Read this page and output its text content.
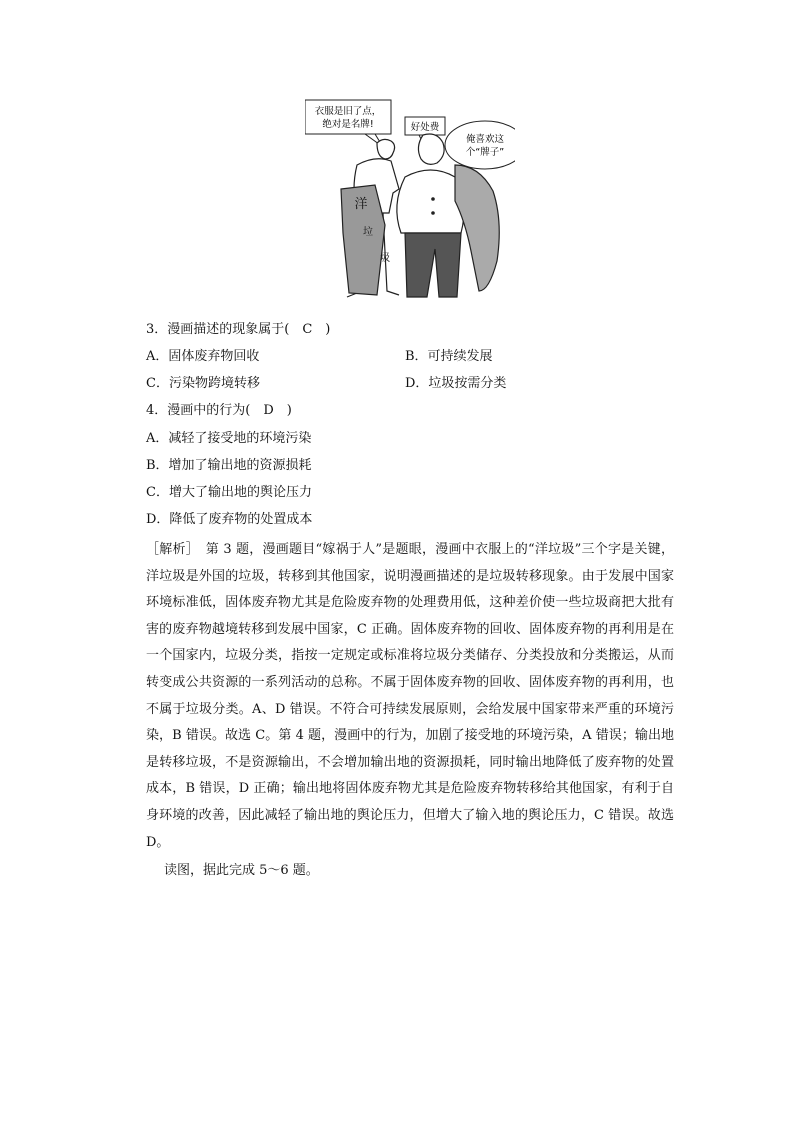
衣服是旧了点，
绝对是名牌!	好处费
俺喜欢这
个“牌子”
洋
垃
圾
3．漫画描述的现象属于(　C　)
A．固体废弃物回收	B．可持续发展
C．污染物跨境转移	D．垃圾按需分类
4．漫画中的行为(　D　)
A．减轻了接受地的环境污染
B．增加了输出地的资源损耗
C．增大了输出地的舆论压力
D．降低了废弃物的处置成本

［解析］　第 3 题，漫画题目“嫁祸于人”是题眼，漫画中衣服上的“洋垃圾”三个字是关键，洋垃圾是外国的垃圾，转移到其他国家，说明漫画描述的是垃圾转移现象。由于发展中国家环境标准低，固体废弃物尤其是危险废弃物的处理费用低，这种差价使一些垃圾商把大批有害的废弃物越境转移到发展中国家，C 正确。固体废弃物的回收、固体废弃物的再利用是在一个国家内，垃圾分类，指按一定规定或标准将垃圾分类储存、分类投放和分类搬运，从而转变成公共资源的一系列活动的总称。不属于固体废弃物的回收、固体废弃物的再利用，也不属于垃圾分类。A、D 错误。不符合可持续发展原则，会给发展中国家带来严重的环境污染，B 错误。故选 C。第 4 题，漫画中的行为，加剧了接受地的环境污染，A 错误；输出地是转移垃圾，不是资源输出，不会增加输出地的资源损耗，同时输出地降低了废弃物的处置成本，B 错误，D 正确；输出地将固体废弃物尤其是危险废弃物转移给其他国家，有利于自身环境的改善，因此减轻了输出地的舆论压力，但增大了输入地的舆论压力，C 错误。故选 D。

读图，据此完成 5～6 题。
